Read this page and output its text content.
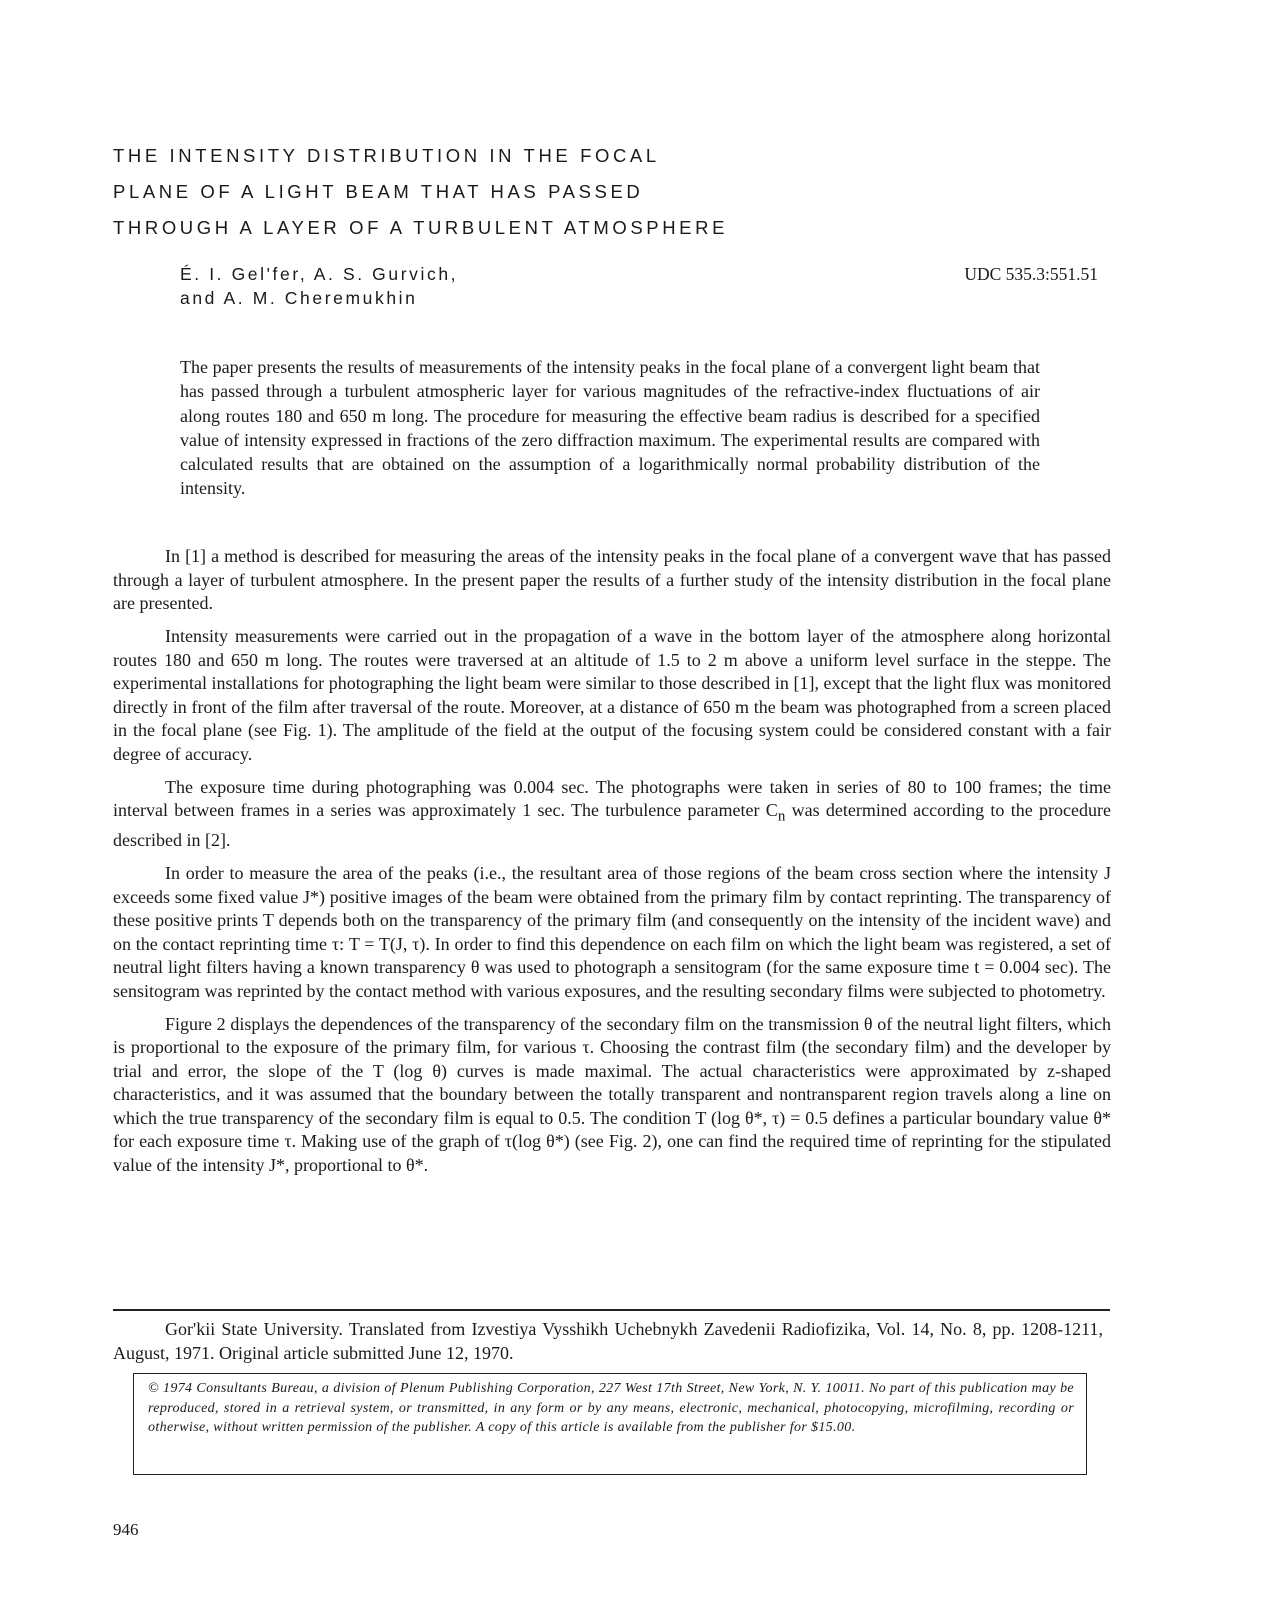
THE INTENSITY DISTRIBUTION IN THE FOCAL
PLANE OF A LIGHT BEAM THAT HAS PASSED
THROUGH A LAYER OF A TURBULENT ATMOSPHERE
É. I. Gel'fer, A. S. Gurvich,
and A. M. Cheremukhin
UDC 535.3:551.51

The paper presents the results of measurements of the intensity peaks in the focal plane of a convergent light beam that has passed through a turbulent atmospheric layer for various magnitudes of the refractive-index fluctuations of air along routes 180 and 650 m long. The procedure for measuring the effective beam radius is described for a specified value of intensity expressed in fractions of the zero diffraction maximum. The experimental results are compared with calculated results that are obtained on the assumption of a logarithmically normal probability distribution of the intensity.

In [1] a method is described for measuring the areas of the intensity peaks in the focal plane of a convergent wave that has passed through a layer of turbulent atmosphere. In the present paper the results of a further study of the intensity distribution in the focal plane are presented.

Intensity measurements were carried out in the propagation of a wave in the bottom layer of the atmosphere along horizontal routes 180 and 650 m long. The routes were traversed at an altitude of 1.5 to 2 m above a uniform level surface in the steppe. The experimental installations for photographing the light beam were similar to those described in [1], except that the light flux was monitored directly in front of the film after traversal of the route. Moreover, at a distance of 650 m the beam was photographed from a screen placed in the focal plane (see Fig. 1). The amplitude of the field at the output of the focusing system could be considered constant with a fair degree of accuracy.

The exposure time during photographing was 0.004 sec. The photographs were taken in series of 80 to 100 frames; the time interval between frames in a series was approximately 1 sec. The turbulence parameter $C_n$ was determined according to the procedure described in [2].

In order to measure the area of the peaks (i.e., the resultant area of those regions of the beam cross section where the intensity J exceeds some fixed value J*) positive images of the beam were obtained from the primary film by contact reprinting. The transparency of these positive prints T depends both on the transparency of the primary film (and consequently on the intensity of the incident wave) and on the contact reprinting time τ: T = T(J, τ). In order to find this dependence on each film on which the light beam was registered, a set of neutral light filters having a known transparency θ was used to photograph a sensitogram (for the same exposure time t = 0.004 sec). The sensitogram was reprinted by the contact method with various exposures, and the resulting secondary films were subjected to photometry.

Figure 2 displays the dependences of the transparency of the secondary film on the transmission θ of the neutral light filters, which is proportional to the exposure of the primary film, for various τ. Choosing the contrast film (the secondary film) and the developer by trial and error, the slope of the T (log θ) curves is made maximal. The actual characteristics were approximated by z-shaped characteristics, and it was assumed that the boundary between the totally transparent and nontransparent region travels along a line on which the true transparency of the secondary film is equal to 0.5. The condition T (log θ*, τ) = 0.5 defines a particular boundary value θ* for each exposure time τ. Making use of the graph of τ(log θ*) (see Fig. 2), one can find the required time of reprinting for the stipulated value of the intensity J*, proportional to θ*.

Gor'kii State University. Translated from Izvestiya Vysshikh Uchebnykh Zavedenii Radiofizika, Vol. 14, No. 8, pp. 1208-1211, August, 1971. Original article submitted June 12, 1970.

© 1974 Consultants Bureau, a division of Plenum Publishing Corporation, 227 West 17th Street, New York, N. Y. 10011. No part of this publication may be reproduced, stored in a retrieval system, or transmitted, in any form or by any means, electronic, mechanical, photocopying, microfilming, recording or otherwise, without written permission of the publisher. A copy of this article is available from the publisher for $15.00.
946
